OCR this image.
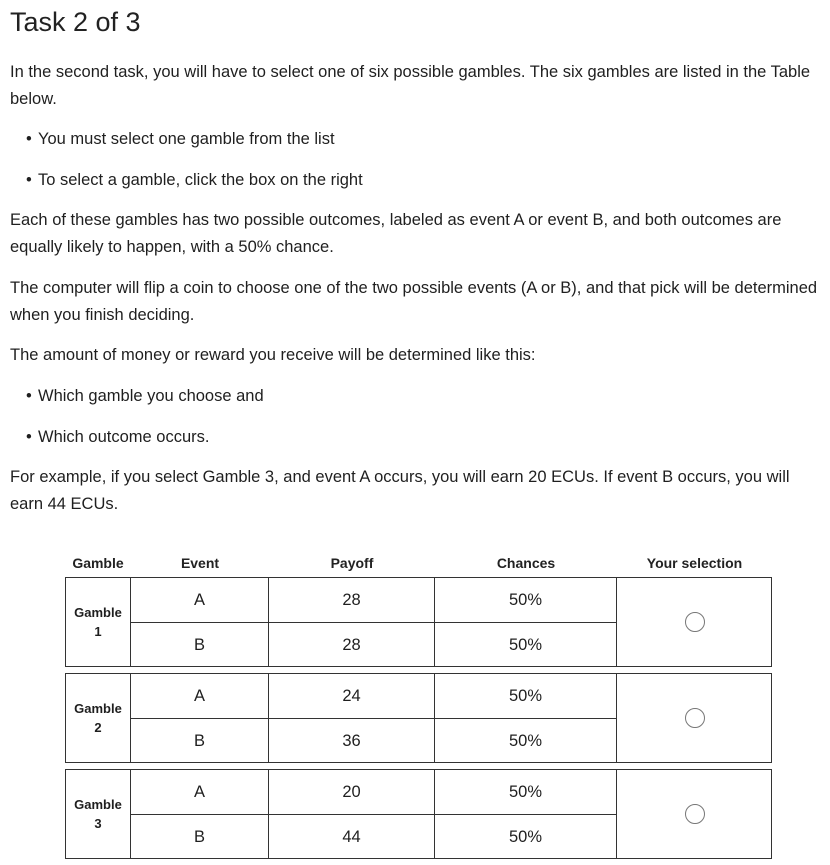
Task 2 of 3

In the second task, you will have to select one of six possible gambles. The six gambles are listed in the Table below.

• You must select one gamble from the list
• To select a gamble, click the box on the right

Each of these gambles has two possible outcomes, labeled as event A or event B, and both outcomes are equally likely to happen, with a 50% chance.

The computer will flip a coin to choose one of the two possible events (A or B), and that pick will be determined when you finish deciding.

The amount of money or reward you receive will be determined like this:

• Which gamble you choose and
• Which outcome occurs.

For example, if you select Gamble 3, and event A occurs, you will earn 20 ECUs. If event B occurs, you will earn 44 ECUs.

Gamble	Event	Payoff	Chances	Your selection
Gamble
1
A	28	50%
B	28	50%
Gamble
2
A	24	50%
B	36	50%
Gamble
3
A	20	50%
B	44	50%
